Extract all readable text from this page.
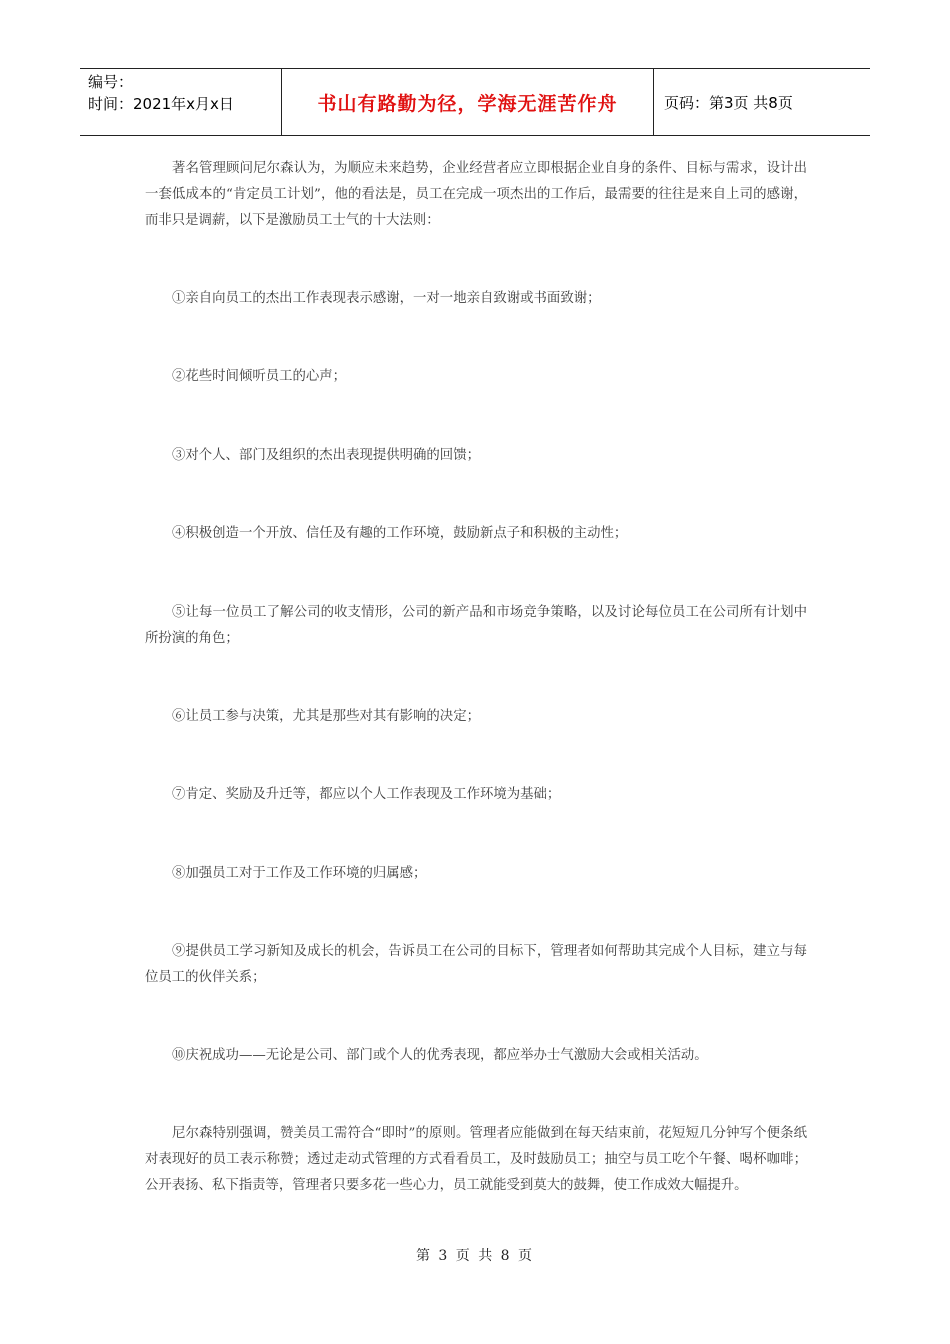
编号：
时间：2021年x月x日	书山有路勤为径，学海无涯苦作舟	页码：第3页 共8页

著名管理顾问尼尔森认为，为顺应未来趋势，企业经营者应立即根据企业自身的条件、目标与需求，设计出一套低成本的“肯定员工计划”，他的看法是，员工在完成一项杰出的工作后，最需要的往往是来自上司的感谢，而非只是调薪，以下是激励员工士气的十大法则：

①亲自向员工的杰出工作表现表示感谢，一对一地亲自致谢或书面致谢；

②花些时间倾听员工的心声；

③对个人、部门及组织的杰出表现提供明确的回馈；

④积极创造一个开放、信任及有趣的工作环境，鼓励新点子和积极的主动性；

⑤让每一位员工了解公司的收支情形，公司的新产品和市场竞争策略，以及讨论每位员工在公司所有计划中所扮演的角色；

⑥让员工参与决策，尤其是那些对其有影响的决定；

⑦肯定、奖励及升迁等，都应以个人工作表现及工作环境为基础；

⑧加强员工对于工作及工作环境的归属感；

⑨提供员工学习新知及成长的机会，告诉员工在公司的目标下，管理者如何帮助其完成个人目标，建立与每位员工的伙伴关系；

⑩庆祝成功——无论是公司、部门或个人的优秀表现，都应举办士气激励大会或相关活动。

尼尔森特别强调，赞美员工需符合“即时”的原则。管理者应能做到在每天结束前，花短短几分钟写个便条纸对表现好的员工表示称赞；透过走动式管理的方式看看员工，及时鼓励员工；抽空与员工吃个午餐、喝杯咖啡；公开表扬、私下指责等，管理者只要多花一些心力，员工就能受到莫大的鼓舞，使工作成效大幅提升。

第 3 页 共 8 页
